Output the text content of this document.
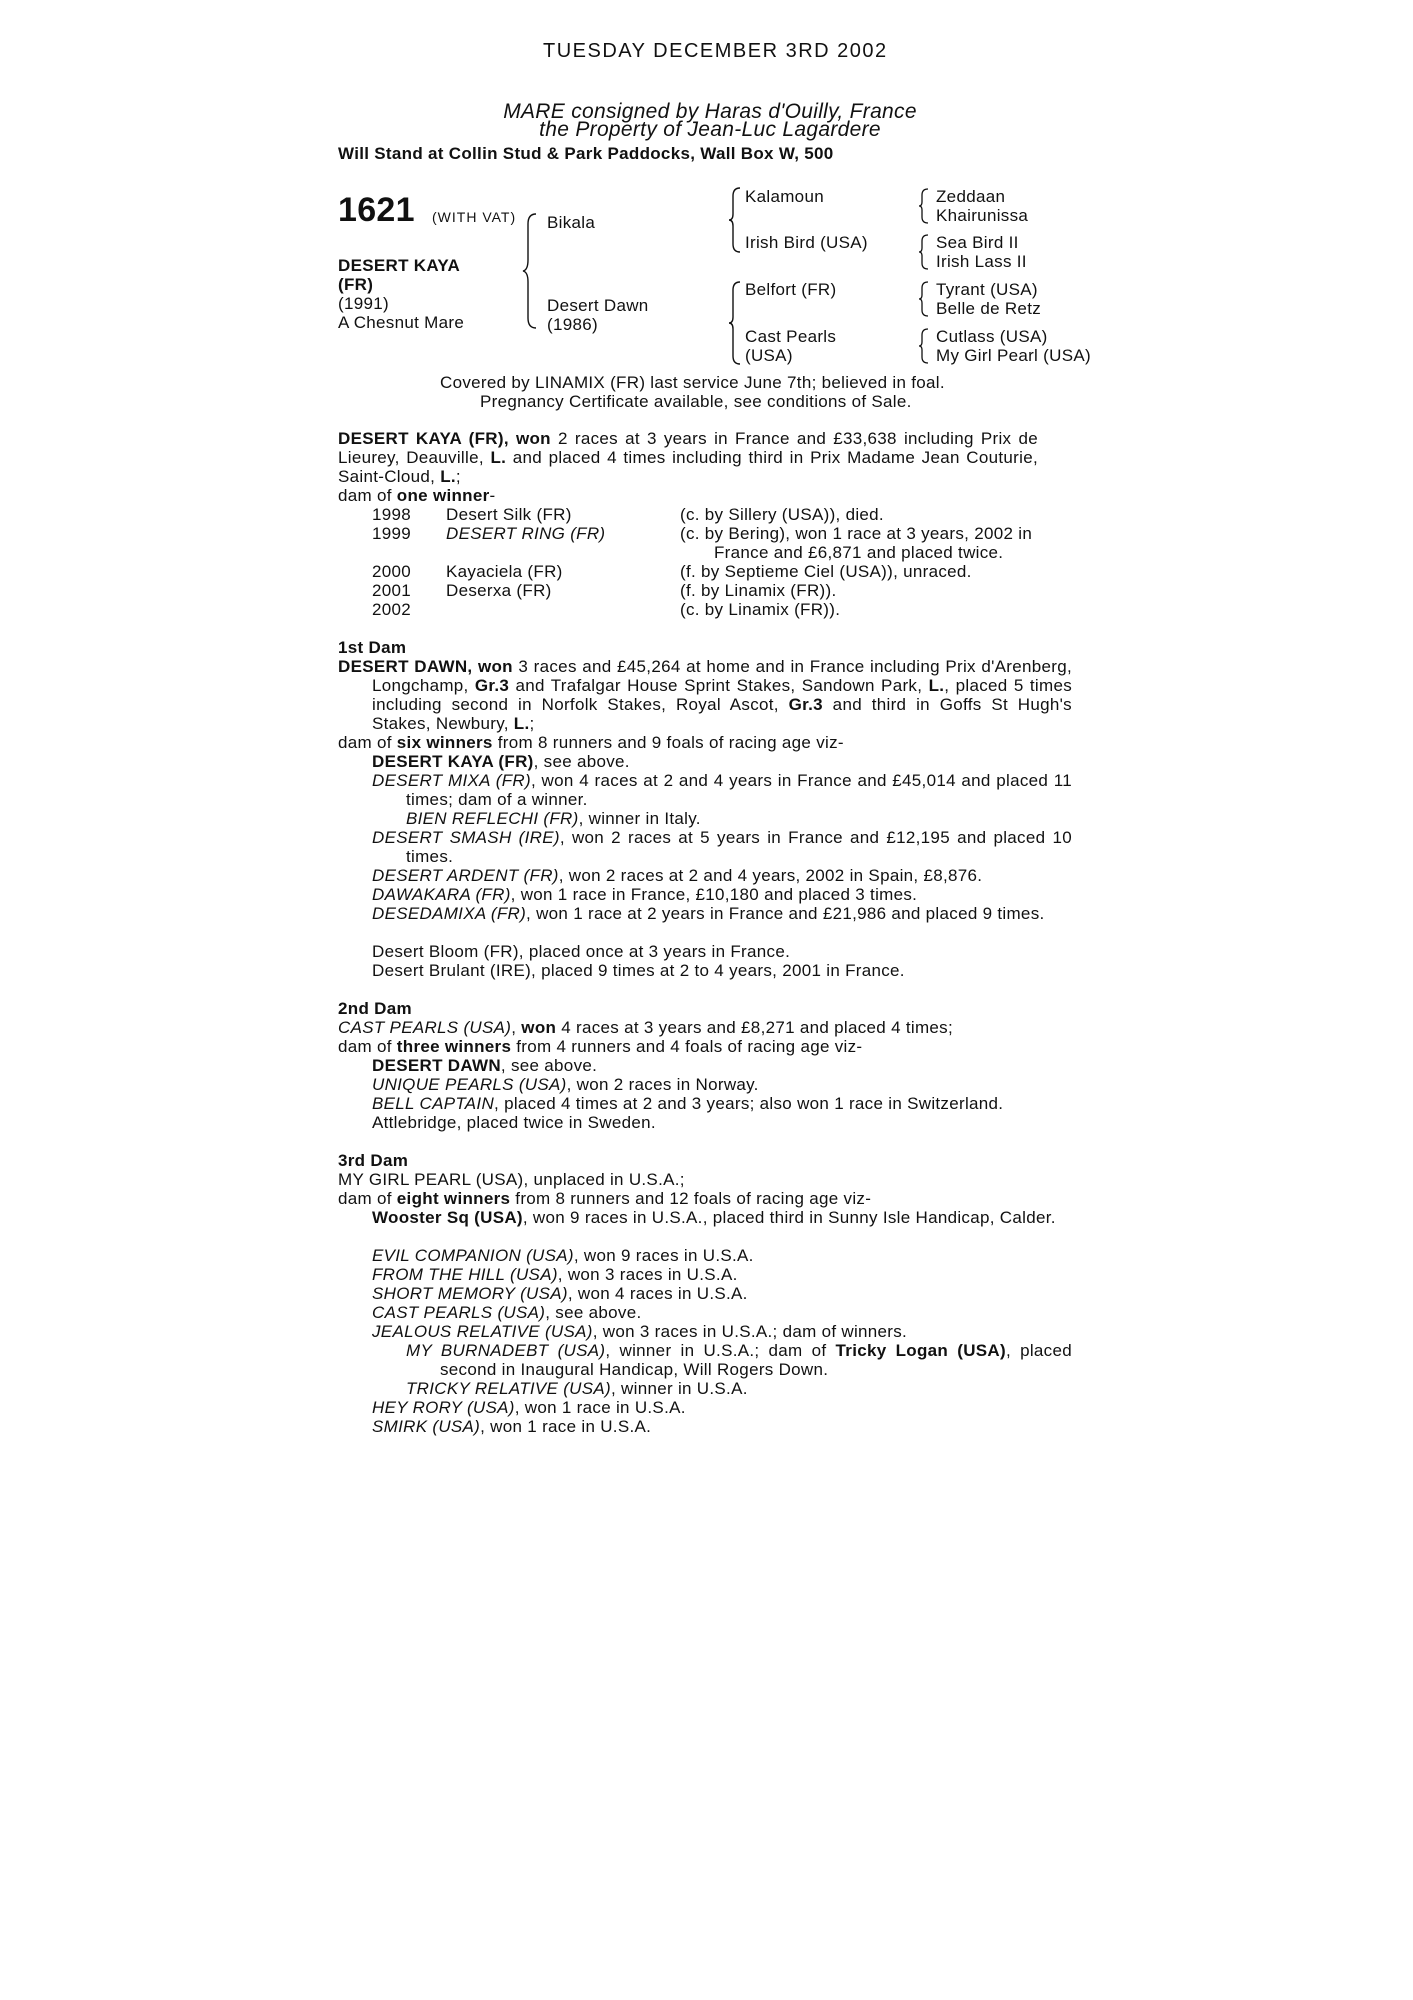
TUESDAY DECEMBER 3RD 2002
MARE consigned by Haras d'Ouilly, France
the Property of Jean-Luc Lagardere
Will Stand at Collin Stud & Park Paddocks, Wall Box W, 500
1621 (WITH VAT)
DESERT KAYA
(FR)
(1991)
A Chesnut Mare
Bikala
Desert Dawn
(1986)
Kalamoun
Irish Bird (USA)
Belfort (FR)
Cast Pearls
(USA)
Zeddaan
Khairunissa
Sea Bird II
Irish Lass II
Tyrant (USA)
Belle de Retz
Cutlass (USA)
My Girl Pearl (USA)
Covered by LINAMIX (FR) last service June 7th; believed in foal.
Pregnancy Certificate available, see conditions of Sale.
DESERT KAYA (FR), won 2 races at 3 years in France and £33,638 including Prix de Lieurey, Deauville, L. and placed 4 times including third in Prix Madame Jean Couturie, Saint-Cloud, L.;
dam of one winner-
1998 Desert Silk (FR)	(c. by Sillery (USA)), died.
1999 DESERT RING (FR)	(c. by Bering), won 1 race at 3 years, 2002 in
France and £6,871 and placed twice.
2000 Kayaciela (FR)	(f. by Septieme Ciel (USA)), unraced.
2001 Deserxa (FR)	(f. by Linamix (FR)).
2002	(c. by Linamix (FR)).
1st Dam
DESERT DAWN, won 3 races and £45,264 at home and in France including Prix d'Arenberg, Longchamp, Gr.3 and Trafalgar House Sprint Stakes, Sandown Park, L., placed 5 times including second in Norfolk Stakes, Royal Ascot, Gr.3 and third in Goffs St Hugh's Stakes, Newbury, L.;
dam of six winners from 8 runners and 9 foals of racing age viz-
DESERT KAYA (FR), see above.
DESERT MIXA (FR), won 4 races at 2 and 4 years in France and £45,014 and placed 11 times; dam of a winner.
BIEN REFLECHI (FR), winner in Italy.
DESERT SMASH (IRE), won 2 races at 5 years in France and £12,195 and placed 10 times.
DESERT ARDENT (FR), won 2 races at 2 and 4 years, 2002 in Spain, £8,876.
DAWAKARA (FR), won 1 race in France, £10,180 and placed 3 times.
DESEDAMIXA (FR), won 1 race at 2 years in France and £21,986 and placed 9 times.
Desert Bloom (FR), placed once at 3 years in France.
Desert Brulant (IRE), placed 9 times at 2 to 4 years, 2001 in France.
2nd Dam
CAST PEARLS (USA), won 4 races at 3 years and £8,271 and placed 4 times;
dam of three winners from 4 runners and 4 foals of racing age viz-
DESERT DAWN, see above.
UNIQUE PEARLS (USA), won 2 races in Norway.
BELL CAPTAIN, placed 4 times at 2 and 3 years; also won 1 race in Switzerland.
Attlebridge, placed twice in Sweden.
3rd Dam
MY GIRL PEARL (USA), unplaced in U.S.A.;
dam of eight winners from 8 runners and 12 foals of racing age viz-
Wooster Sq (USA), won 9 races in U.S.A., placed third in Sunny Isle Handicap, Calder.
EVIL COMPANION (USA), won 9 races in U.S.A.
FROM THE HILL (USA), won 3 races in U.S.A.
SHORT MEMORY (USA), won 4 races in U.S.A.
CAST PEARLS (USA), see above.
JEALOUS RELATIVE (USA), won 3 races in U.S.A.; dam of winners.
MY BURNADEBT (USA), winner in U.S.A.; dam of Tricky Logan (USA), placed second in Inaugural Handicap, Will Rogers Down.
TRICKY RELATIVE (USA), winner in U.S.A.
HEY RORY (USA), won 1 race in U.S.A.
SMIRK (USA), won 1 race in U.S.A.
